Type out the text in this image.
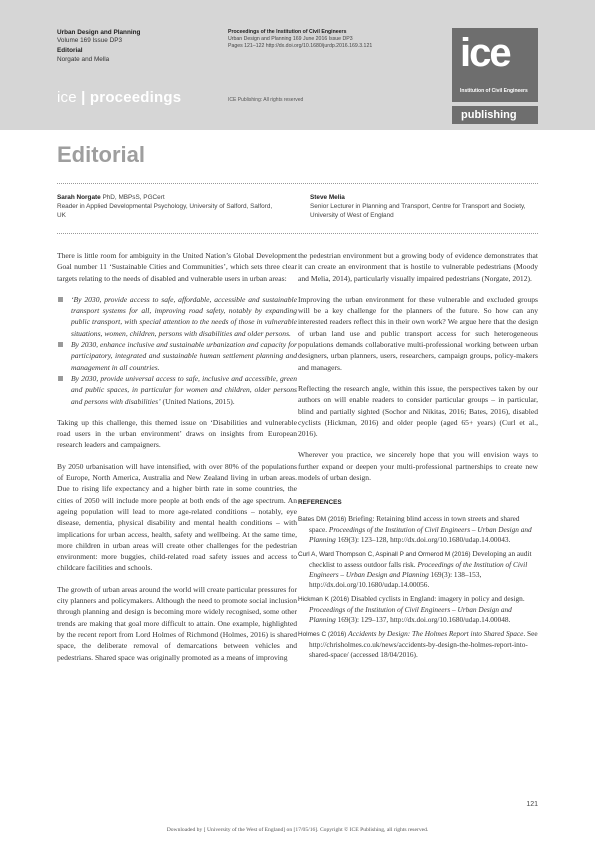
Urban Design and Planning
Volume 169 Issue DP3
Editorial
Norgate and Mella
Proceedings of the Institution of Civil Engineers
Urban Design and Planning 169 June 2016 Issue DP3
Pages 121–122 http://dx.doi.org/10.1680/jurdp.2016.169.3.121
ice | proceedings	ICE Publishing: All rights reserved
ice
Institution of Civil Engineers
publishing
Editorial
Sarah Norgate PhD, MBPsS, PGCert
Reader in Applied Developmental Psychology, University of Salford, Salford, UK
Steve Melia
Senior Lecturer in Planning and Transport, Centre for Transport and Society, University of West of England

There is little room for ambiguity in the United Nation’s Global Development Goal number 11 ‘Sustainable Cities and Communities’, which sets three clear targets relating to the needs of disabled and vulnerable users in urban areas:

‘By 2030, provide access to safe, affordable, accessible and sustainable transport systems for all, improving road safety, notably by expanding public transport, with special attention to the needs of those in vulnerable situations, women, children, persons with disabilities and older persons.
By 2030, enhance inclusive and sustainable urbanization and capacity for participatory, integrated and sustainable human settlement planning and management in all countries.
By 2030, provide universal access to safe, inclusive and accessible, green and public spaces, in particular for women and children, older persons and persons with disabilities’ (United Nations, 2015).

Taking up this challenge, this themed issue on ‘Disabilities and vulnerable road users in the urban environment’ draws on insights from European research leaders and campaigners.

By 2050 urbanisation will have intensified, with over 80% of the populations of Europe, North America, Australia and New Zealand living in urban areas. Due to rising life expectancy and a higher birth rate in some countries, the cities of 2050 will include more people at both ends of the age spectrum. An ageing population will lead to more age-related conditions – notably, eye disease, dementia, physical disability and mental health conditions – with implications for urban access, health, safety and wellbeing. At the same time, more children in urban areas will create other challenges for the pedestrian environment: more buggies, child-related road safety issues and access to childcare facilities and schools.

The growth of urban areas around the world will create particular pressures for city planners and policymakers. Although the need to promote social inclusion through planning and design is becoming more widely recognised, some other trends are making that goal more difficult to attain. One example, highlighted by the recent report from Lord Holmes of Richmond (Holmes, 2016) is shared space, the deliberate removal of demarcations between vehicles and pedestrians. Shared space was originally promoted as a means of improving

the pedestrian environment but a growing body of evidence demonstrates that it can create an environment that is hostile to vulnerable pedestrians (Moody and Melia, 2014), particularly visually impaired pedestrians (Norgate, 2012).

Improving the urban environment for these vulnerable and excluded groups will be a key challenge for the planners of the future. So how can any interested readers reflect this in their own work? We argue here that the design of urban land use and public transport access for such heterogeneous populations demands collaborative multi-professional working between urban designers, urban planners, users, researchers, campaign groups, policy-makers and managers.

Reflecting the research angle, within this issue, the perspectives taken by our authors on will enable readers to consider particular groups – in particular, blind and partially sighted (Sochor and Nikitas, 2016; Bates, 2016), disabled cyclists (Hickman, 2016) and older people (aged 65+ years) (Curl et al., 2016).

Wherever you practice, we sincerely hope that you will envision ways to further expand or deepen your multi-professional partnerships to create new models of urban design.

REFERENCES
Bates DM (2016) Briefing: Retaining blind access in town streets and shared space. Proceedings of the Institution of Civil Engineers – Urban Design and Planning 169(3): 123–128, http://dx.doi.org/10.1680/udap.14.00043.
Curl A, Ward Thompson C, Aspinall P and Ormerod M (2016) Developing an audit checklist to assess outdoor falls risk. Proceedings of the Institution of Civil Engineers – Urban Design and Planning 169(3): 138–153, http://dx.doi.org/10.1680/udap.14.00056.
Hickman K (2016) Disabled cyclists in England: imagery in policy and design. Proceedings of the Institution of Civil Engineers – Urban Design and Planning 169(3): 129–137, http://dx.doi.org/10.1680/udap.14.00048.
Holmes C (2016) Accidents by Design: The Holmes Report into Shared Space. See http://chrisholmes.co.uk/news/accidents-by-design-the-holmes-report-into-shared-space/ (accessed 18/04/2016).
121
Downloaded by [ University of the West of England] on [17/05/16]. Copyright © ICE Publishing, all rights reserved.
